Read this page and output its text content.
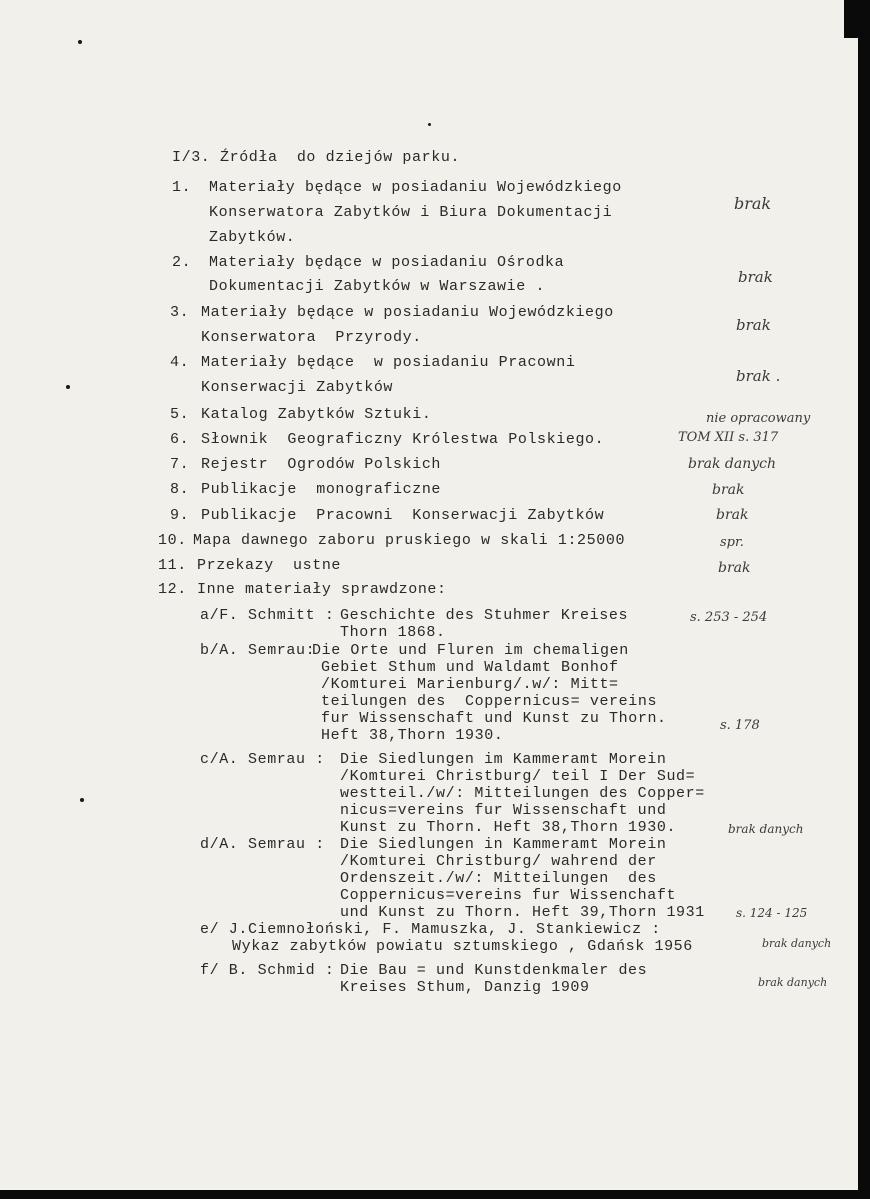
I/3. Źródła  do dziejów parku.
1. Materiały będące w posiadaniu Wojewódzkiego
Konserwatora Zabytków i Biura Dokumentacji
Zabytków.
2. Materiały będące w posiadaniu Ośrodka
Dokumentacji Zabytków w Warszawie .
3. Materiały będące w posiadaniu Wojewódzkiego
Konserwatora  Przyrody.
4. Materiały będące  w posiadaniu Pracowni
Konserwacji Zabytków
5. Katalog Zabytków Sztuki.
6. Słownik  Geograficzny Królestwa Polskiego.
7. Rejestr  Ogrodów Polskich
8. Publikacje  monograficzne
9. Publikacje  Pracowni  Konserwacji Zabytków
10. Mapa dawnego zaboru pruskiego w skali 1:25000
11. Przekazy  ustne
12. Inne materiały sprawdzone:
a/F. Schmitt : Geschichte des Stuhmer Kreises
Thorn 1868.
b/A. Semrau:
Die Orte und Fluren im chemaligen
Gebiet Sthum und Waldamt Bonhof
/Komturei Marienburg/.w/: Mitt=
teilungen des  Coppernicus= vereins
fur Wissenschaft und Kunst zu Thorn.
Heft 38,Thorn 1930.
c/A. Semrau : Die Siedlungen im Kammeramt Morein
/Komturei Christburg/ teil I Der Sud=
westteil./w/: Mitteilungen des Copper=
nicus=vereins fur Wissenschaft und
Kunst zu Thorn. Heft 38,Thorn 1930.
d/A. Semrau : Die Siedlungen in Kammeramt Morein
/Komturei Christburg/ wahrend der
Ordenszeit./w/: Mitteilungen  des
Coppernicus=vereins fur Wissenchaft
und Kunst zu Thorn. Heft 39,Thorn 1931
e/ J.Ciemnołoński, F. Mamuszka, J. Stankiewicz :
Wykaz zabytków powiatu sztumskiego , Gdańsk 1956
f/ B. Schmid : Die Bau = und Kunstdenkmaler des
Kreises Sthum, Danzig 1909
brak
brak
brak
brak .
nie opracowany
TOM XII s. 317
brak danych
brak
brak
spr.
brak
s. 253 - 254
s. 178
brak danych
s. 124 - 125
brak danych
brak danych
